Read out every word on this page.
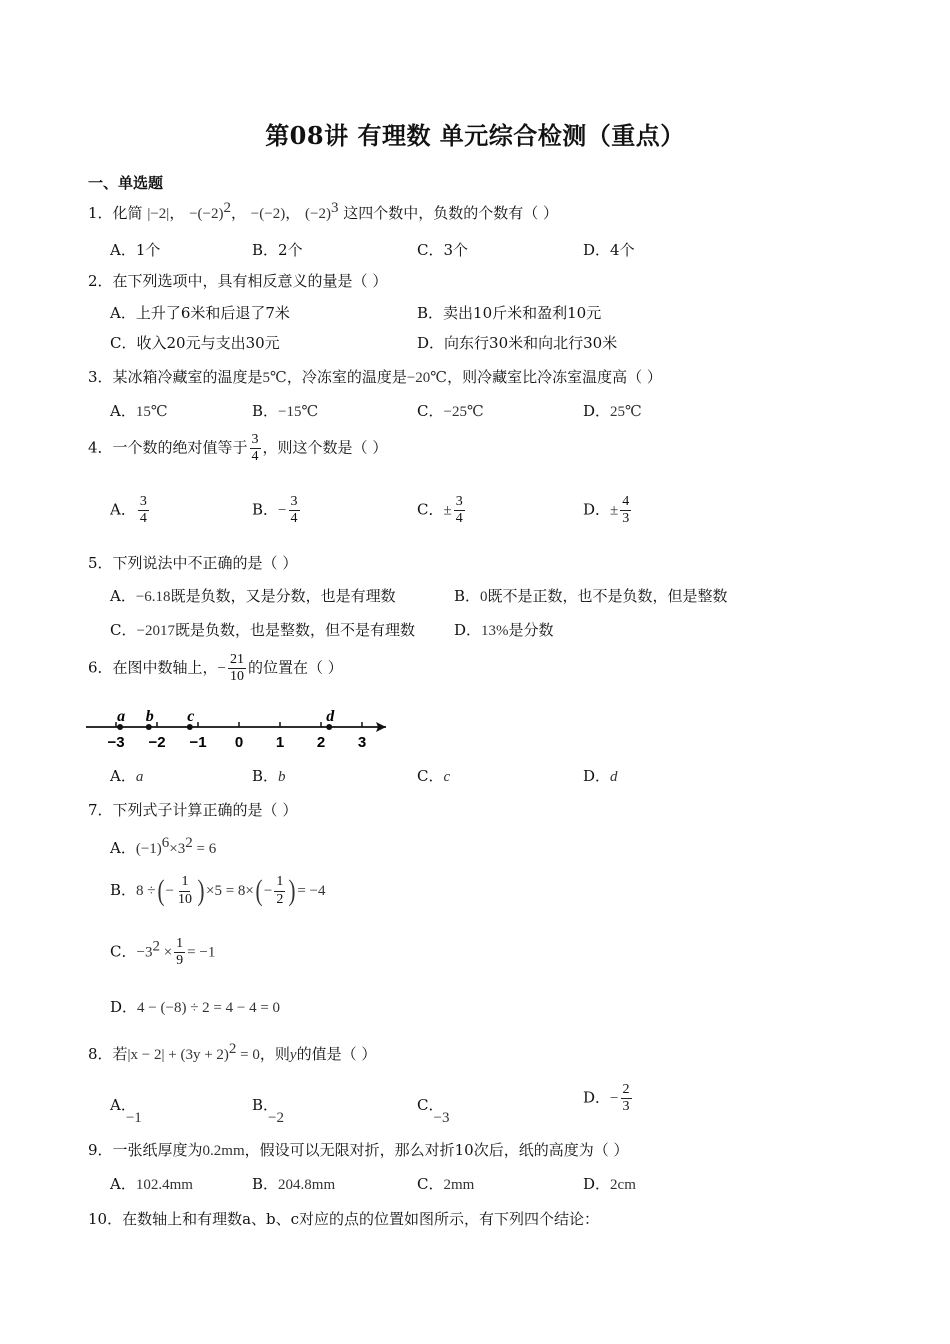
第08讲 有理数 单元综合检测（重点）
一、单选题
1．化简 |−2|， $-(-2)^2$， −(−2)， $(-2)^3$ 这四个数中，负数的个数有（ ）
A．1个	B．2个	C．3个	D．4个
2．在下列选项中，具有相反意义的量是（ ）
A．上升了6米和后退了7米	B．卖出10斤米和盈利10元
C．收入20元与支出30元	D．向东行30米和向北行30米
3．某冰箱冷藏室的温度是5℃，冷冻室的温度是−20℃，则冷藏室比冷冻室温度高（ ）
A．15℃	B．−15℃	C．−25℃	D．25℃
4．一个数的绝对值等于 $\frac{3}{4}$ ，则这个数是（ ）
A． $\frac{3}{4}$	B．− $\frac{3}{4}$	C．± $\frac{3}{4}$	D．± $\frac{4}{3}$
5．下列说法中不正确的是（ ）
A．−6.18既是负数，又是分数，也是有理数	B．0既不是正数，也不是负数，但是整数
C．−2017既是负数，也是整数，但不是有理数	D．13%是分数
6．在图中数轴上，− $\frac{21}{10}$ 的位置在（ ）
−3 −2 −1 0 1 2 3
a b c	d
A．a	B．b	C．c	D．d
7．下列式子计算正确的是（ ）
A．$(-1)^6\times 3^2 = 6$
B．8 ÷( − $\frac{1}{10}$ ) $\times 5 = 8\times( - \frac{1}{2}$ ) = −4
C．$-3^2 \times \frac{1}{9} = -1$
D．4 − (−8) ÷ 2 = 4 − 4 = 0
8．若$|x - 2| + (3y + 2)^2 = 0$，则y的值是（ ）
A．−1
B．−2
C．−3
D．− $\frac{2}{3}$
9．一张纸厚度为0.2mm，假设可以无限对折，那么对折10次后，纸的高度为（ ）
A．102.4mm	B．204.8mm	C．2mm	D．2cm
10．在数轴上和有理数a、b、c对应的点的位置如图所示，有下列四个结论：
